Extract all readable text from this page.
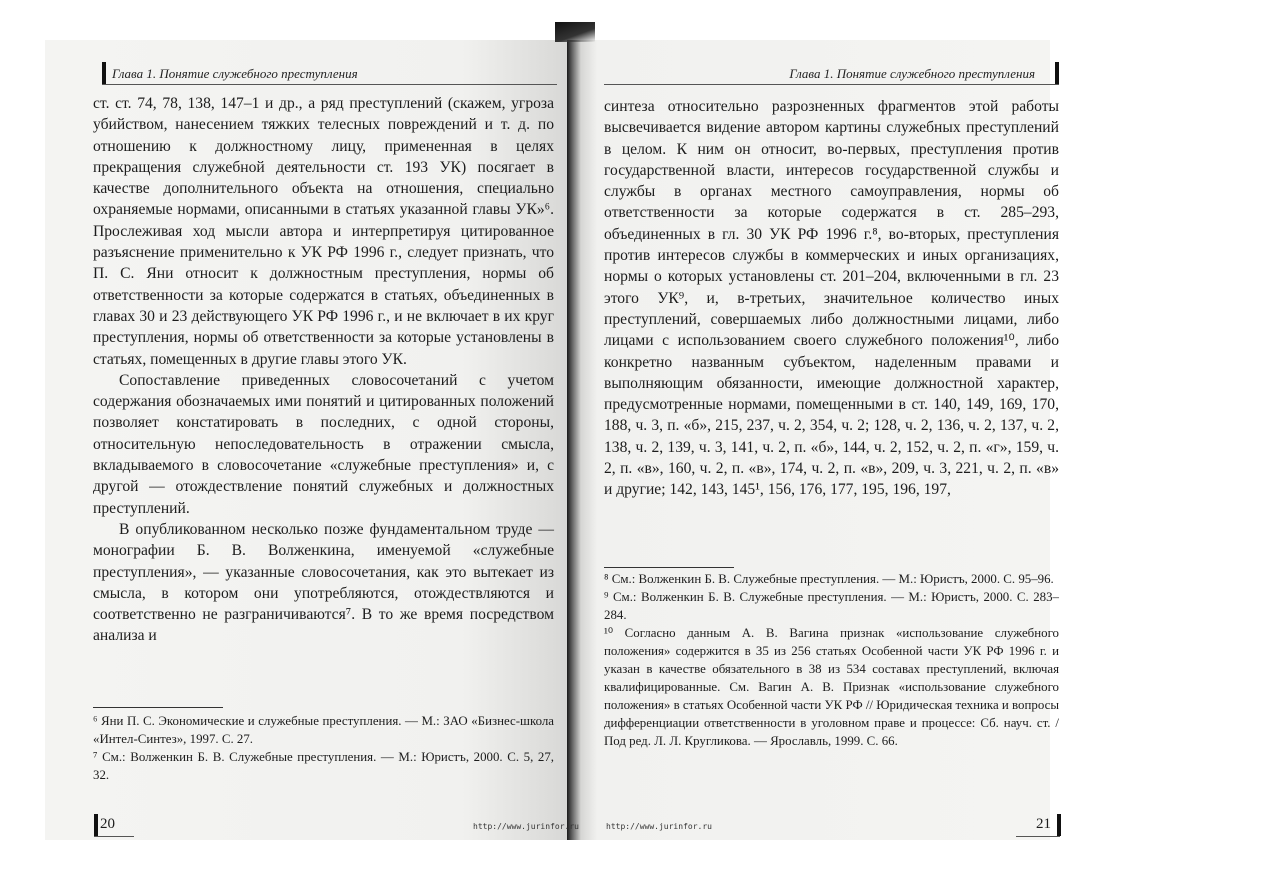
Глава 1. Понятие служебного преступления	Глава 1. Понятие служебного преступления

ст. ст. 74, 78, 138, 147–1 и др., а ряд преступлений (скажем, угроза убийством, нанесением тяжких телесных повреждений и т. д. по отношению к должностному лицу, примененная в целях прекращения служебной деятельности ст. 193 УК) посягает в качестве дополнительного объекта на отношения, специально охраняемые нормами, описанными в статьях указанной главы УК»⁶. Прослеживая ход мысли автора и интерпретируя цитированное разъяснение применительно к УК РФ 1996 г., следует признать, что П. С. Яни относит к должностным преступления, нормы об ответственности за которые содержатся в статьях, объединенных в главах 30 и 23 действующего УК РФ 1996 г., и не включает в их круг преступления, нормы об ответственности за которые установлены в статьях, помещенных в другие главы этого УК.

Сопоставление приведенных словосочетаний с учетом содержания обозначаемых ими понятий и цитированных положений позволяет констатировать в последних, с одной стороны, относительную непоследовательность в отражении смысла, вкладываемого в словосочетание «служебные преступления» и, с другой — отождествление понятий служебных и должностных преступлений.

В опубликованном несколько позже фундаментальном труде — монографии Б. В. Волженкина, именуемой «служебные преступления», — указанные словосочетания, как это вытекает из смысла, в котором они употребляются, отождествляются и соответственно не разграничиваются⁷. В то же время посредством анализа и

синтеза относительно разрозненных фрагментов этой работы высвечивается видение автором картины служебных преступлений в целом. К ним он относит, во-первых, преступления против государственной власти, интересов государственной службы и службы в органах местного самоуправления, нормы об ответственности за которые содержатся в ст. 285–293, объединенных в гл. 30 УК РФ 1996 г.⁸, во-вторых, преступления против интересов службы в коммерческих и иных организациях, нормы о которых установлены ст. 201–204, включенными в гл. 23 этого УК⁹, и, в-третьих, значительное количество иных преступлений, совершаемых либо должностными лицами, либо лицами с использованием своего служебного положения¹⁰, либо конкретно названным субъектом, наделенным правами и выполняющим обязанности, имеющие должностной характер, предусмотренные нормами, помещенными в ст. 140, 149, 169, 170, 188, ч. 3, п. «б», 215, 237, ч. 2, 354, ч. 2; 128, ч. 2, 136, ч. 2, 137, ч. 2, 138, ч. 2, 139, ч. 3, 141, ч. 2, п. «б», 144, ч. 2, 152, ч. 2, п. «г», 159, ч. 2, п. «в», 160, ч. 2, п. «в», 174, ч. 2, п. «в», 209, ч. 3, 221, ч. 2, п. «в» и другие; 142, 143, 145¹, 156, 176, 177, 195, 196, 197,

⁶ Яни П. С. Экономические и служебные преступления. — М.: ЗАО «Бизнес-школа «Интел-Синтез», 1997. С. 27.

⁷ См.: Волженкин Б. В. Служебные преступления. — М.: Юристъ, 2000. С. 5, 27, 32.

⁸ См.: Волженкин Б. В. Служебные преступления. — М.: Юристъ, 2000. С. 95–96.

⁹ См.: Волженкин Б. В. Служебные преступления. — М.: Юристъ, 2000. С. 283–284.

¹⁰ Согласно данным А. В. Вагина признак «использование служебного положения» содержится в 35 из 256 статьях Особенной части УК РФ 1996 г. и указан в качестве обязательного в 38 из 534 составах преступлений, включая квалифицированные. См. Вагин А. В. Признак «использование служебного положения» в статьях Особенной части УК РФ // Юридическая техника и вопросы дифференциации ответственности в уголовном праве и процессе: Сб. науч. ст. / Под ред. Л. Л. Кругликова. — Ярославль, 1999. С. 66.

20	http://www.jurinfor.ru	http://www.jurinfor.ru	21
